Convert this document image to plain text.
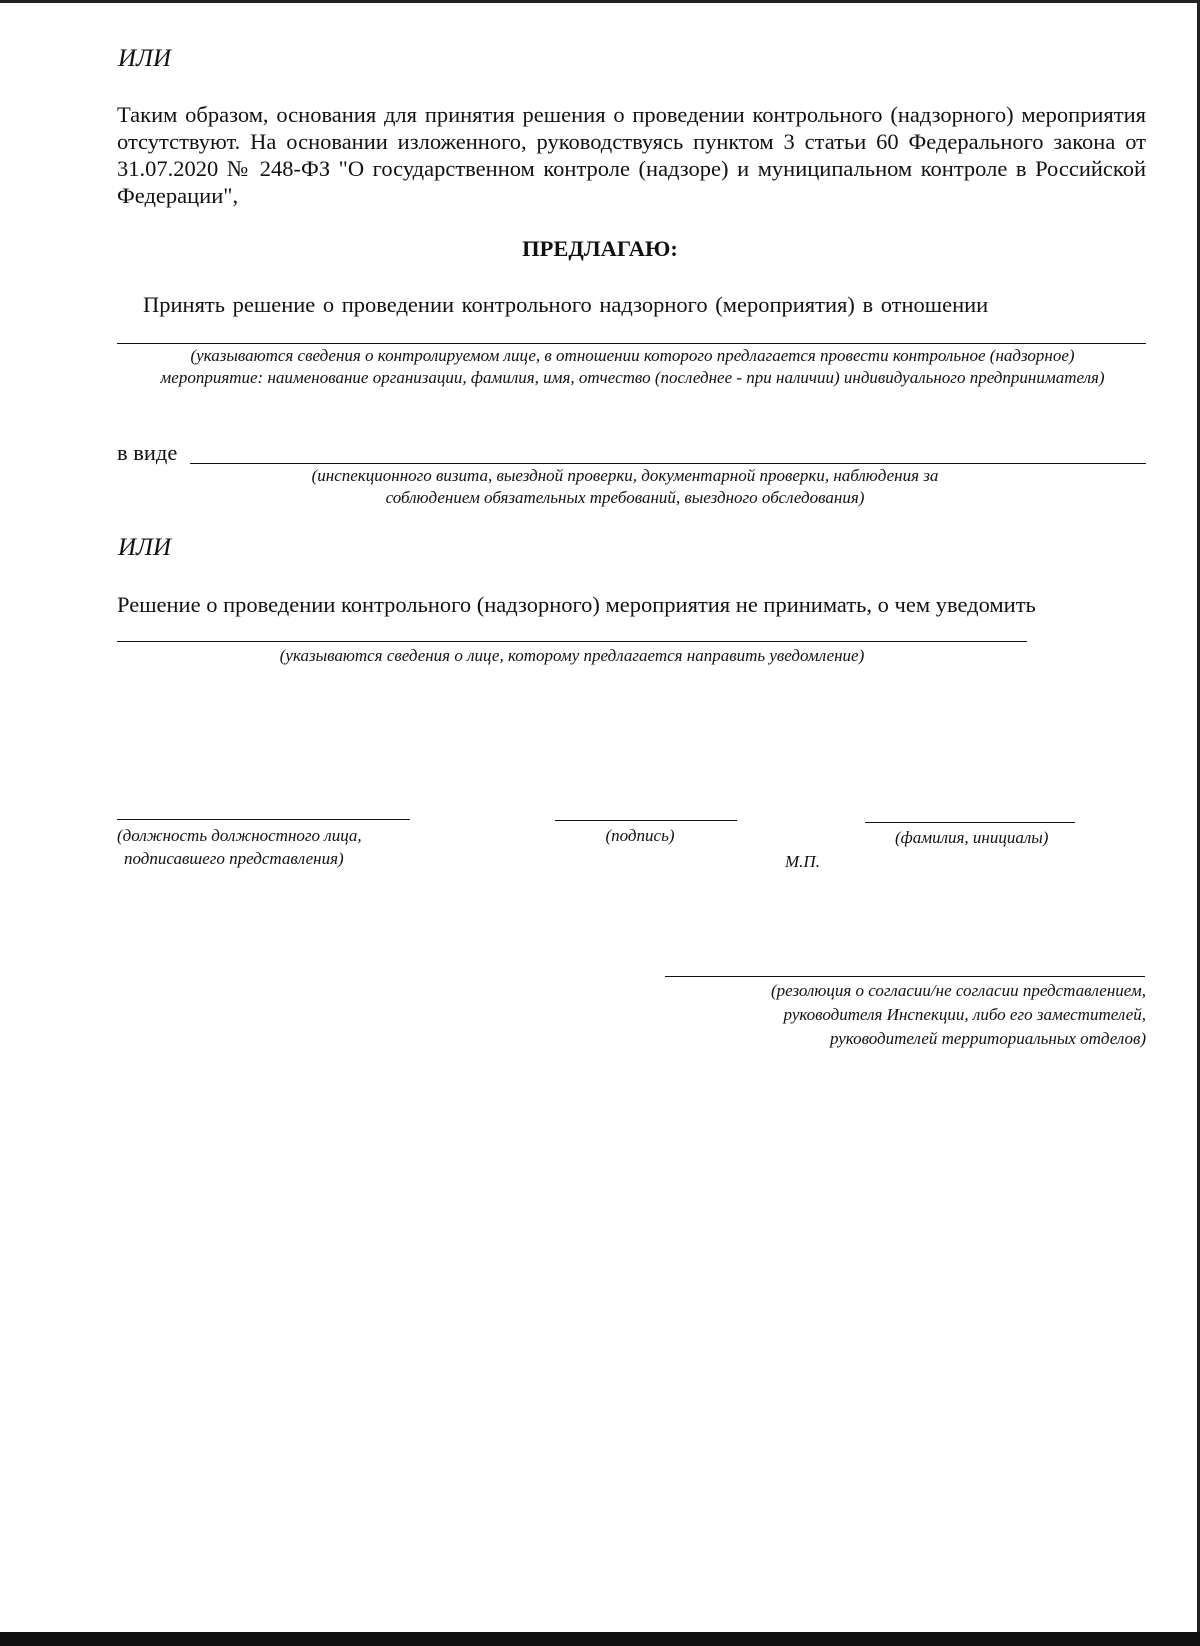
ИЛИ
Таким образом, основания для принятия решения о проведении контрольного (надзорного) мероприятия отсутствуют. На основании изложенного, руководствуясь пунктом 3 статьи 60 Федерального закона от 31.07.2020 № 248-ФЗ "О государственном контроле (надзоре) и муниципальном контроле в Российской Федерации",
ПРЕДЛАГАЮ:
Принять решение о проведении контрольного надзорного (мероприятия) в отношении
(указываются сведения о контролируемом лице, в отношении которого предлагается провести контрольное (надзорное) мероприятие: наименование организации, фамилия, имя, отчество (последнее - при наличии) индивидуального предпринимателя)
в виде
(инспекционного визита, выездной проверки, документарной проверки, наблюдения за соблюдением обязательных требований, выездного обследования)
ИЛИ
Решение о проведении контрольного (надзорного) мероприятия не принимать, о чем уведомить
(указываются сведения о лице, которому предлагается направить уведомление)
(должность должностного лица,
подписавшего представления)
(подпись)
М.П.
(фамилия, инициалы)
(резолюция о согласии/не согласии представлением,
руководителя Инспекции, либо его заместителей,
руководителей территориальных отделов)
